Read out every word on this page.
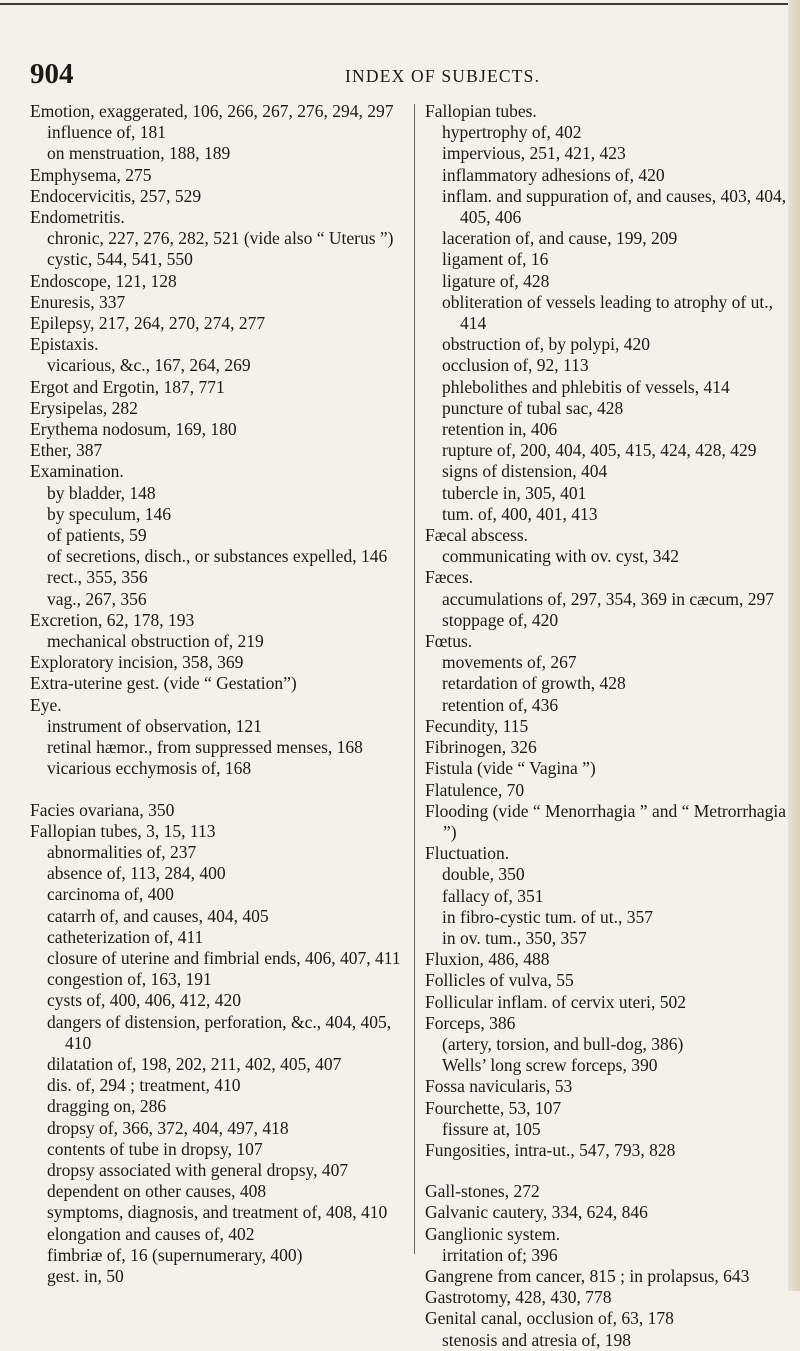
904	INDEX OF SUBJECTS.

Emotion, exaggerated, 106, 266, 267, 276, 294, 297

influence of, 181

on menstruation, 188, 189

Emphysema, 275

Endocervicitis, 257, 529

Endometritis.

chronic, 227, 276, 282, 521 (vide also “ Uterus ”)

cystic, 544, 541, 550

Endoscope, 121, 128

Enuresis, 337

Epilepsy, 217, 264, 270, 274, 277

Epistaxis.

vicarious, &c., 167, 264, 269

Ergot and Ergotin, 187, 771

Erysipelas, 282

Erythema nodosum, 169, 180

Ether, 387

Examination.

by bladder, 148

by speculum, 146

of patients, 59

of secretions, disch., or substances expelled, 146

rect., 355, 356

vag., 267, 356

Excretion, 62, 178, 193

mechanical obstruction of, 219

Exploratory incision, 358, 369

Extra-uterine gest. (vide “ Gestation”)

Eye.

instrument of observation, 121

retinal hæmor., from suppressed menses, 168

vicarious ecchymosis of, 168

Facies ovariana, 350

Fallopian tubes, 3, 15, 113

abnormalities of, 237

absence of, 113, 284, 400

carcinoma of, 400

catarrh of, and causes, 404, 405

catheterization of, 411

closure of uterine and fimbrial ends, 406, 407, 411

congestion of, 163, 191

cysts of, 400, 406, 412, 420

dangers of distension, perforation, &c., 404, 405, 410

dilatation of, 198, 202, 211, 402, 405, 407

dis. of, 294 ; treatment, 410

dragging on, 286

dropsy of, 366, 372, 404, 497, 418

contents of tube in dropsy, 107

dropsy associated with general dropsy, 407

dependent on other causes, 408

symptoms, diagnosis, and treatment of, 408, 410

elongation and causes of, 402

fimbriæ of, 16 (supernumerary, 400)

gest. in, 50

Fallopian tubes.

hypertrophy of, 402

impervious, 251, 421, 423

inflammatory adhesions of, 420

inflam. and suppuration of, and causes, 403, 404, 405, 406

laceration of, and cause, 199, 209

ligament of, 16

ligature of, 428

obliteration of vessels leading to atrophy of ut., 414

obstruction of, by polypi, 420

occlusion of, 92, 113

phlebolithes and phlebitis of vessels, 414

puncture of tubal sac, 428

retention in, 406

rupture of, 200, 404, 405, 415, 424, 428, 429

signs of distension, 404

tubercle in, 305, 401

tum. of, 400, 401, 413

Fæcal abscess.

communicating with ov. cyst, 342

Fæces.

accumulations of, 297, 354, 369 in cæcum, 297

stoppage of, 420

Fœtus.

movements of, 267

retardation of growth, 428

retention of, 436

Fecundity, 115

Fibrinogen, 326

Fistula (vide “ Vagina ”)

Flatulence, 70

Flooding (vide “ Menorrhagia ” and “ Metrorrhagia ”)

Fluctuation.

double, 350

fallacy of, 351

in fibro-cystic tum. of ut., 357

in ov. tum., 350, 357

Fluxion, 486, 488

Follicles of vulva, 55

Follicular inflam. of cervix uteri, 502

Forceps, 386

(artery, torsion, and bull-dog, 386)

Wells’ long screw forceps, 390

Fossa navicularis, 53

Fourchette, 53, 107

fissure at, 105

Fungosities, intra-ut., 547, 793, 828

Gall-stones, 272

Galvanic cautery, 334, 624, 846

Ganglionic system.

irritation of; 396

Gangrene from cancer, 815 ; in prolapsus, 643

Gastrotomy, 428, 430, 778

Genital canal, occlusion of, 63, 178

stenosis and atresia of, 198
